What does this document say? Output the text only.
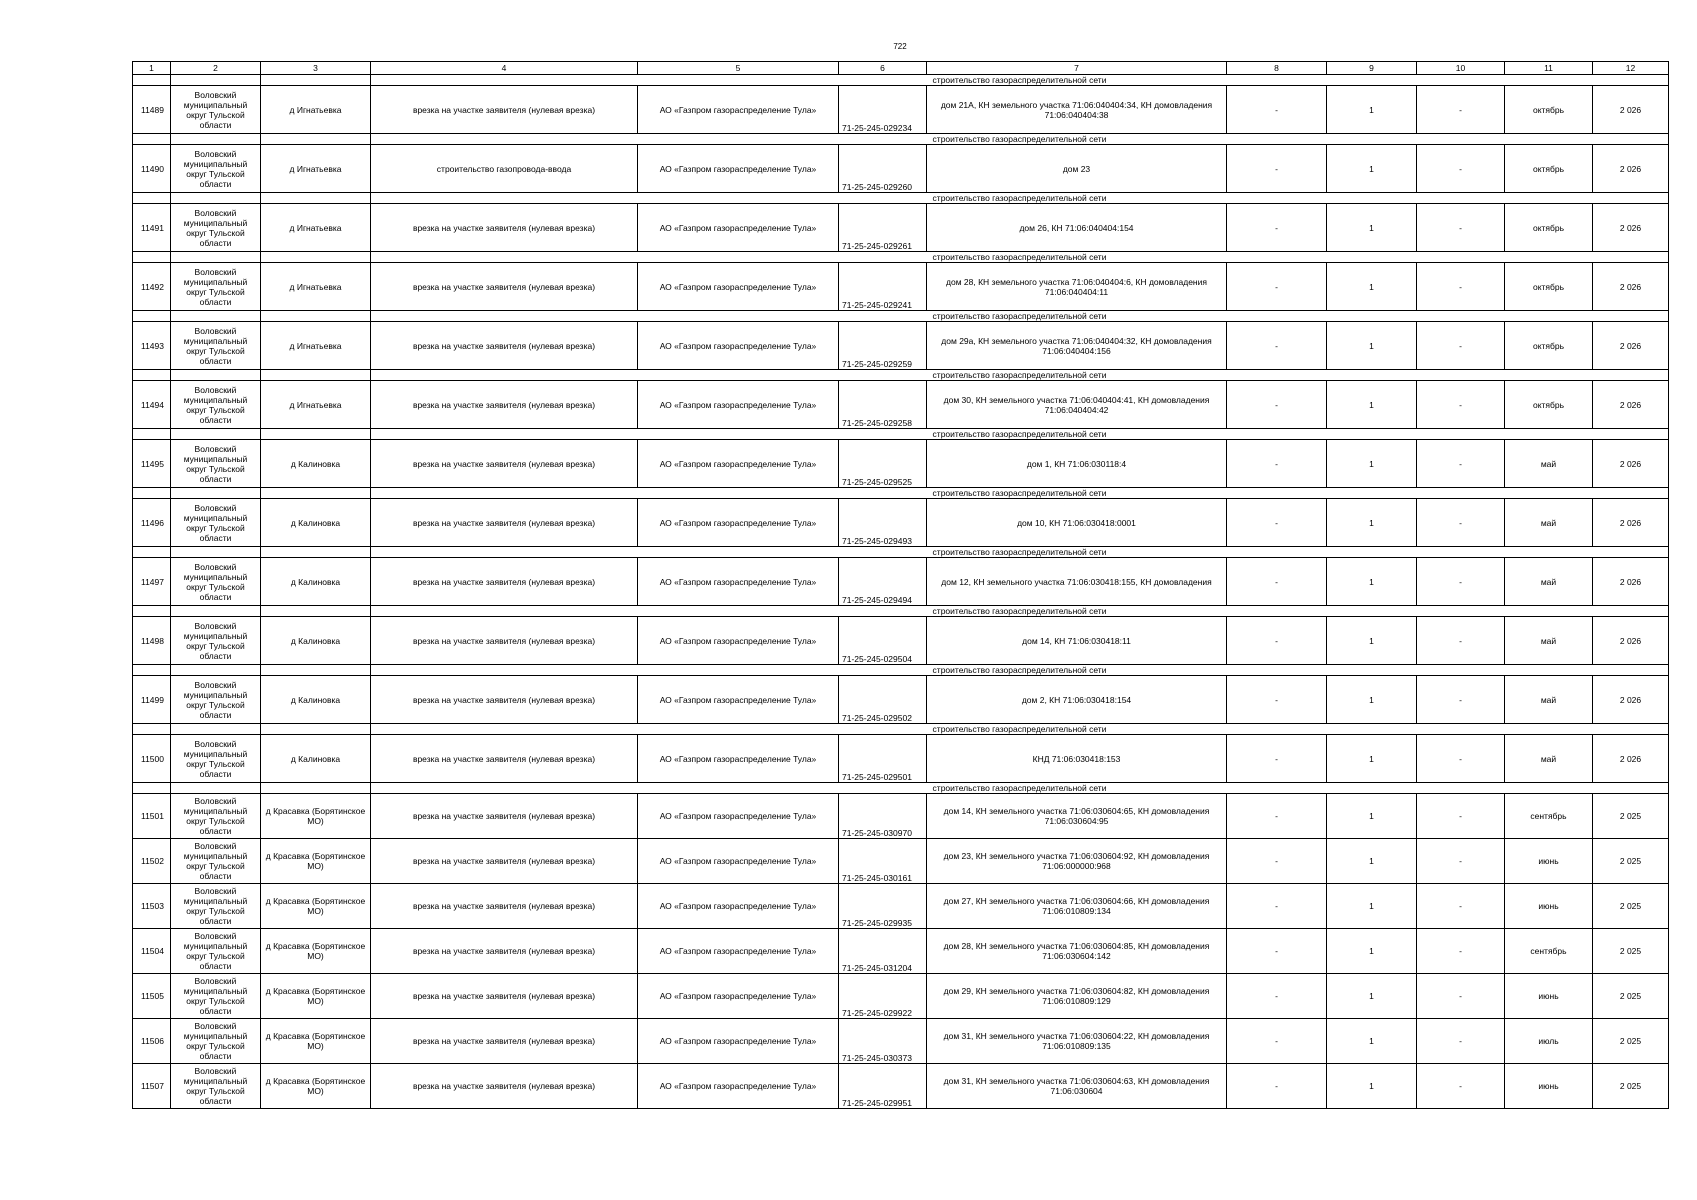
722
1	2	3	4	5	6	7	8	9	10	11	12
			строительство газораспределительной сети								
11489	Воловский муниципальный округ Тульской области	д Игнатьевка	врезка на участке заявителя (нулевая врезка)	АО «Газпром газораспределение Тула»	71-25-245-029234	дом 21А, КН земельного участка 71:06:040404:34, КН домовладения 71:06:040404:38	-	1	-	октябрь	2 026
			строительство газораспределительной сети								
11490	Воловский муниципальный округ Тульской области	д Игнатьевка	строительство газопровода-ввода	АО «Газпром газораспределение Тула»	71-25-245-029260	дом 23	-	1	-	октябрь	2 026
			строительство газораспределительной сети								
11491	Воловский муниципальный округ Тульской области	д Игнатьевка	врезка на участке заявителя (нулевая врезка)	АО «Газпром газораспределение Тула»	71-25-245-029261	дом 26, КН 71:06:040404:154	-	1	-	октябрь	2 026
			строительство газораспределительной сети								
11492	Воловский муниципальный округ Тульской области	д Игнатьевка	врезка на участке заявителя (нулевая врезка)	АО «Газпром газораспределение Тула»	71-25-245-029241	дом 28, КН земельного участка 71:06:040404:6, КН домовладения 71:06:040404:11	-	1	-	октябрь	2 026
			строительство газораспределительной сети								
11493	Воловский муниципальный округ Тульской области	д Игнатьевка	врезка на участке заявителя (нулевая врезка)	АО «Газпром газораспределение Тула»	71-25-245-029259	дом 29а, КН земельного участка 71:06:040404:32, КН домовладения 71:06:040404:156	-	1	-	октябрь	2 026
			строительство газораспределительной сети								
11494	Воловский муниципальный округ Тульской области	д Игнатьевка	врезка на участке заявителя (нулевая врезка)	АО «Газпром газораспределение Тула»	71-25-245-029258	дом 30, КН земельного участка 71:06:040404:41, КН домовладения 71:06:040404:42	-	1	-	октябрь	2 026
			строительство газораспределительной сети								
11495	Воловский муниципальный округ Тульской области	д Калиновка	врезка на участке заявителя (нулевая врезка)	АО «Газпром газораспределение Тула»	71-25-245-029525	дом 1, КН 71:06:030118:4	-	1	-	май	2 026
			строительство газораспределительной сети								
11496	Воловский муниципальный округ Тульской области	д Калиновка	врезка на участке заявителя (нулевая врезка)	АО «Газпром газораспределение Тула»	71-25-245-029493	дом 10, КН 71:06:030418:0001	-	1	-	май	2 026
			строительство газораспределительной сети								
11497	Воловский муниципальный округ Тульской области	д Калиновка	врезка на участке заявителя (нулевая врезка)	АО «Газпром газораспределение Тула»	71-25-245-029494	дом 12, КН земельного участка 71:06:030418:155, КН домовладения	-	1	-	май	2 026
			строительство газораспределительной сети								
11498	Воловский муниципальный округ Тульской области	д Калиновка	врезка на участке заявителя (нулевая врезка)	АО «Газпром газораспределение Тула»	71-25-245-029504	дом 14, КН 71:06:030418:11	-	1	-	май	2 026
			строительство газораспределительной сети								
11499	Воловский муниципальный округ Тульской области	д Калиновка	врезка на участке заявителя (нулевая врезка)	АО «Газпром газораспределение Тула»	71-25-245-029502	дом 2, КН 71:06:030418:154	-	1	-	май	2 026
			строительство газораспределительной сети								
11500	Воловский муниципальный округ Тульской области	д Калиновка	врезка на участке заявителя (нулевая врезка)	АО «Газпром газораспределение Тула»	71-25-245-029501	КНД 71:06:030418:153	-	1	-	май	2 026
			строительство газораспределительной сети								
11501	Воловский муниципальный округ Тульской области	д Красавка (Борятинское МО)	врезка на участке заявителя (нулевая врезка)	АО «Газпром газораспределение Тула»	71-25-245-030970	дом 14, КН земельного участка 71:06:030604:65, КН домовладения 71:06:030604:95	-	1	-	сентябрь	2 025
11502	Воловский муниципальный округ Тульской области	д Красавка (Борятинское МО)	врезка на участке заявителя (нулевая врезка)	АО «Газпром газораспределение Тула»	71-25-245-030161	дом 23, КН земельного участка 71:06:030604:92, КН домовладения 71:06:000000:968	-	1	-	июнь	2 025
11503	Воловский муниципальный округ Тульской области	д Красавка (Борятинское МО)	врезка на участке заявителя (нулевая врезка)	АО «Газпром газораспределение Тула»	71-25-245-029935	дом 27, КН земельного участка 71:06:030604:66, КН домовладения 71:06:010809:134	-	1	-	июнь	2 025
11504	Воловский муниципальный округ Тульской области	д Красавка (Борятинское МО)	врезка на участке заявителя (нулевая врезка)	АО «Газпром газораспределение Тула»	71-25-245-031204	дом 28, КН земельного участка 71:06:030604:85, КН домовладения 71:06:030604:142	-	1	-	сентябрь	2 025
11505	Воловский муниципальный округ Тульской области	д Красавка (Борятинское МО)	врезка на участке заявителя (нулевая врезка)	АО «Газпром газораспределение Тула»	71-25-245-029922	дом 29, КН земельного участка 71:06:030604:82, КН домовладения 71:06:010809:129	-	1	-	июнь	2 025
11506	Воловский муниципальный округ Тульской области	д Красавка (Борятинское МО)	врезка на участке заявителя (нулевая врезка)	АО «Газпром газораспределение Тула»	71-25-245-030373	дом 31, КН земельного участка 71:06:030604:22, КН домовладения 71:06:010809:135	-	1	-	июль	2 025
11507	Воловский муниципальный округ Тульской области	д Красавка (Борятинское МО)	врезка на участке заявителя (нулевая врезка)	АО «Газпром газораспределение Тула»	71-25-245-029951	дом 31, КН земельного участка 71:06:030604:63, КН домовладения 71:06:030604	-	1	-	июнь	2 025
